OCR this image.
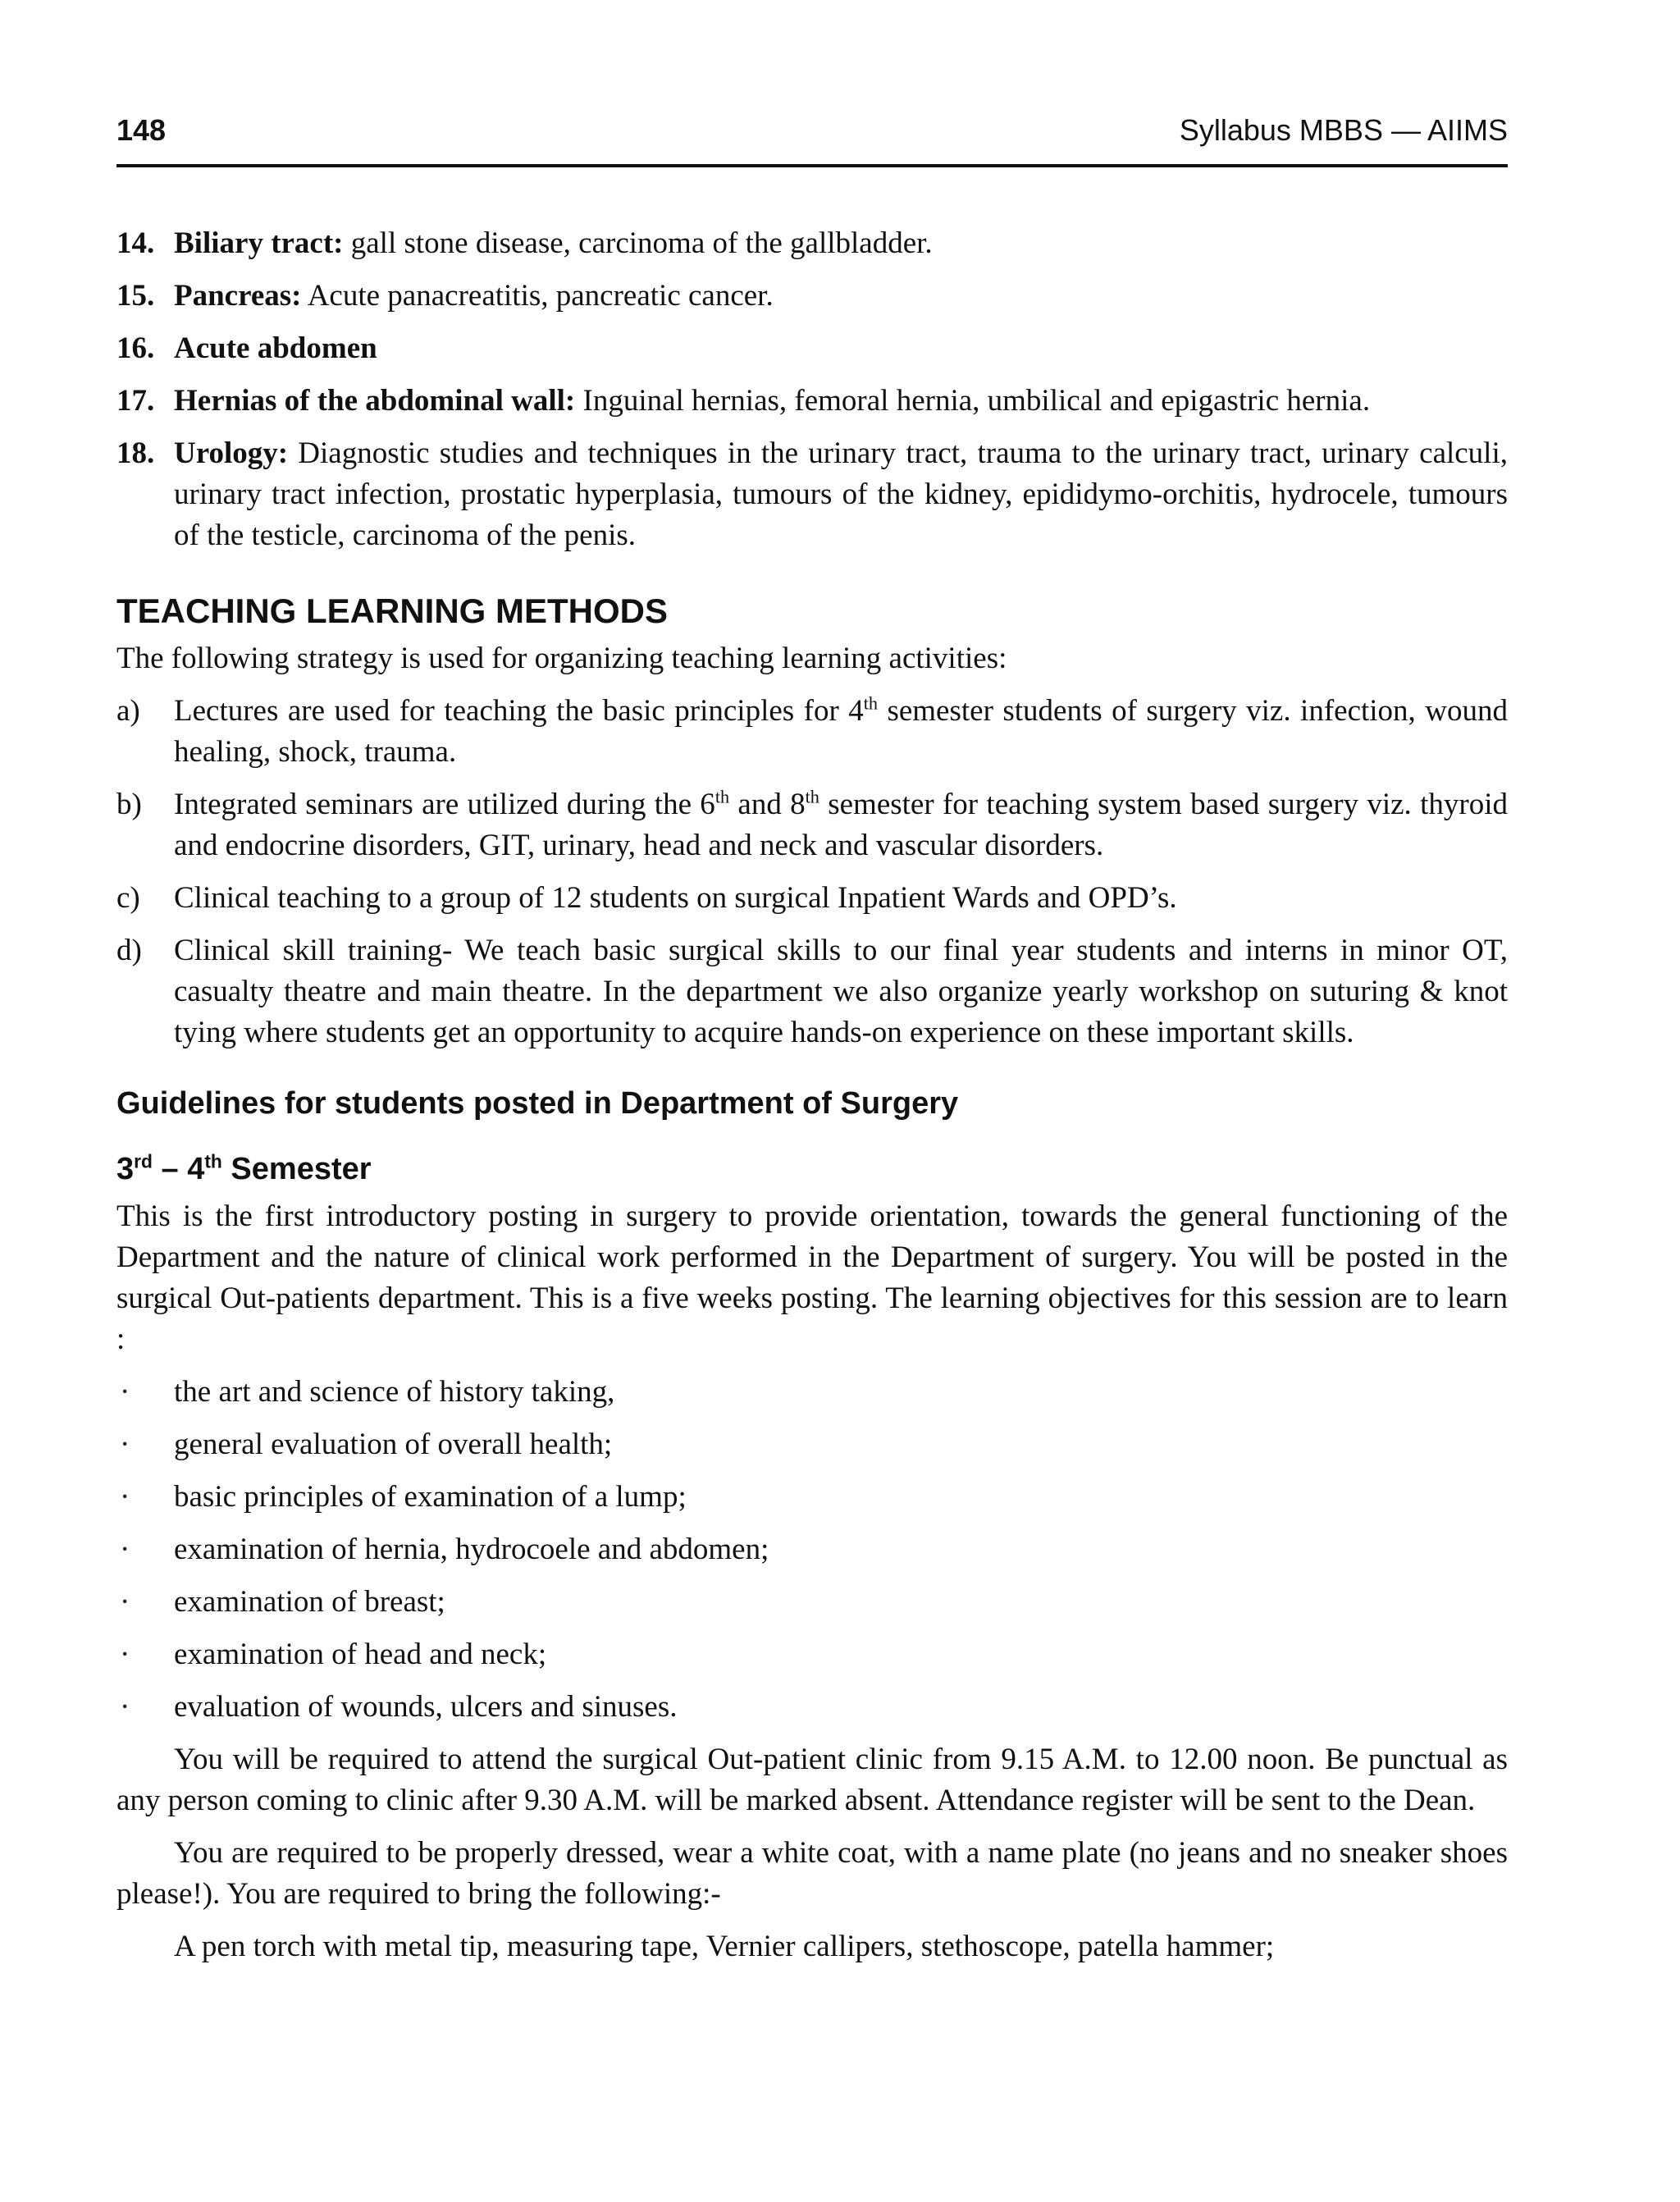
148	Syllabus MBBS — AIIMS
14. Biliary tract: gall stone disease, carcinoma of the gallbladder.
15. Pancreas: Acute panacreatitis, pancreatic cancer.
16. Acute abdomen
17. Hernias of the abdominal wall: Inguinal hernias, femoral hernia, umbilical and epigastric hernia.
18. Urology: Diagnostic studies and techniques in the urinary tract, trauma to the urinary tract, urinary calculi, urinary tract infection, prostatic hyperplasia, tumours of the kidney, epididymo-orchitis, hydrocele, tumours of the testicle, carcinoma of the penis.
TEACHING LEARNING METHODS

The following strategy is used for organizing teaching learning activities:

a) Lectures are used for teaching the basic principles for 4th semester students of surgery viz. infection, wound healing, shock, trauma.
b) Integrated seminars are utilized during the 6th and 8th semester for teaching system based surgery viz. thyroid and endocrine disorders, GIT, urinary, head and neck and vascular disorders.
c) Clinical teaching to a group of 12 students on surgical Inpatient Wards and OPD’s.
d) Clinical skill training- We teach basic surgical skills to our final year students and interns in minor OT, casualty theatre and main theatre. In the department we also organize yearly workshop on suturing & knot tying where students get an opportunity to acquire hands-on experience on these important skills.
Guidelines for students posted in Department of Surgery
3rd – 4th Semester

This is the first introductory posting in surgery to provide orientation, towards the general functioning of the Department and the nature of clinical work performed in the Department of surgery. You will be posted in the surgical Out-patients department. This is a five weeks posting. The learning objectives for this session are to learn :

· the art and science of history taking,
· general evaluation of overall health;
· basic principles of examination of a lump;
· examination of hernia, hydrocoele and abdomen;
· examination of breast;
· examination of head and neck;
· evaluation of wounds, ulcers and sinuses.

You will be required to attend the surgical Out-patient clinic from 9.15 A.M. to 12.00 noon. Be punctual as any person coming to clinic after 9.30 A.M. will be marked absent. Attendance register will be sent to the Dean.

You are required to be properly dressed, wear a white coat, with a name plate (no jeans and no sneaker shoes please!). You are required to bring the following:-

A pen torch with metal tip, measuring tape, Vernier callipers, stethoscope, patella hammer;
